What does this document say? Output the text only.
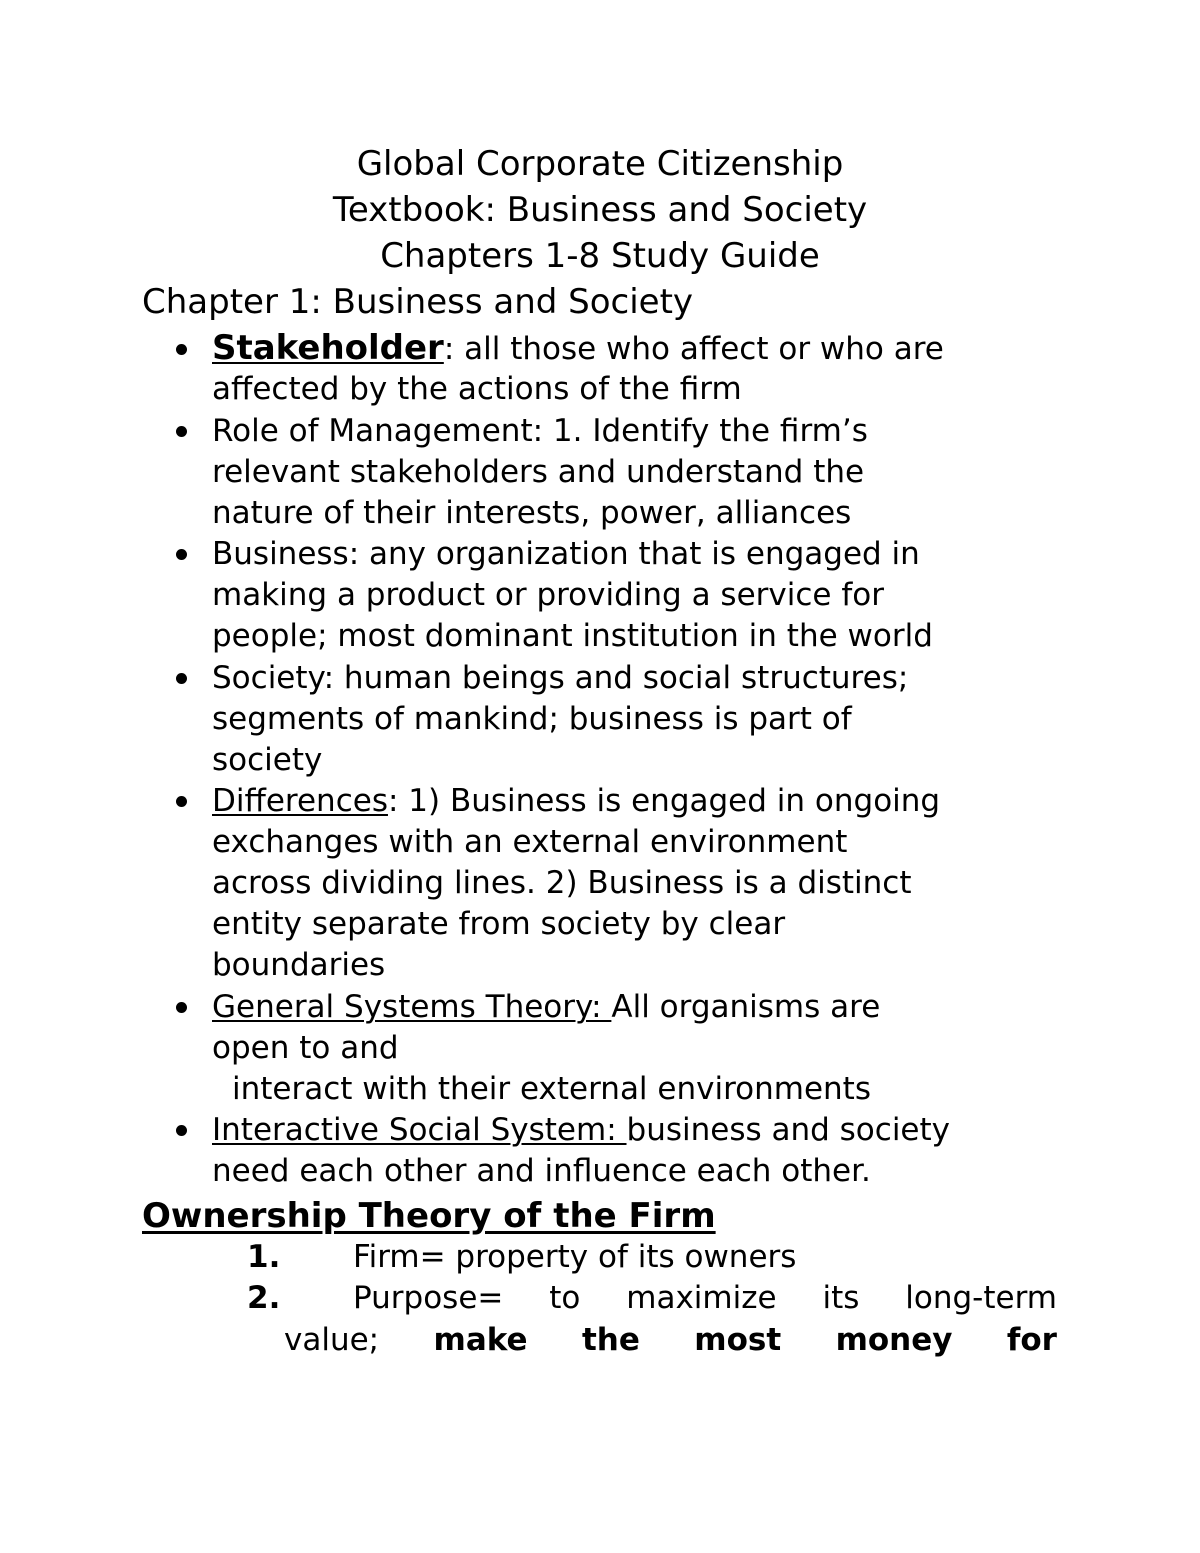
Global Corporate Citizenship
Textbook: Business and Society
Chapters 1-8 Study Guide
Chapter 1: Business and Society
Stakeholder: all those who affect or who are
affected by the actions of the firm
Role of Management: 1. Identify the firm’s
relevant stakeholders and understand the
nature of their interests, power, alliances
Business: any organization that is engaged in
making a product or providing a service for
people; most dominant institution in the world
Society: human beings and social structures;
segments of mankind; business is part of
society
Differences: 1) Business is engaged in ongoing
exchanges with an external environment
across dividing lines. 2) Business is a distinct
entity separate from society by clear
boundaries
General Systems Theory: All organisms are
open to and
interact with their external environments
Interactive Social System: business and society
need each other and influence each other.
Ownership Theory of the Firm
1. Firm= property of its owners
2. Purpose= to maximize its long-term
value; make the most money for
